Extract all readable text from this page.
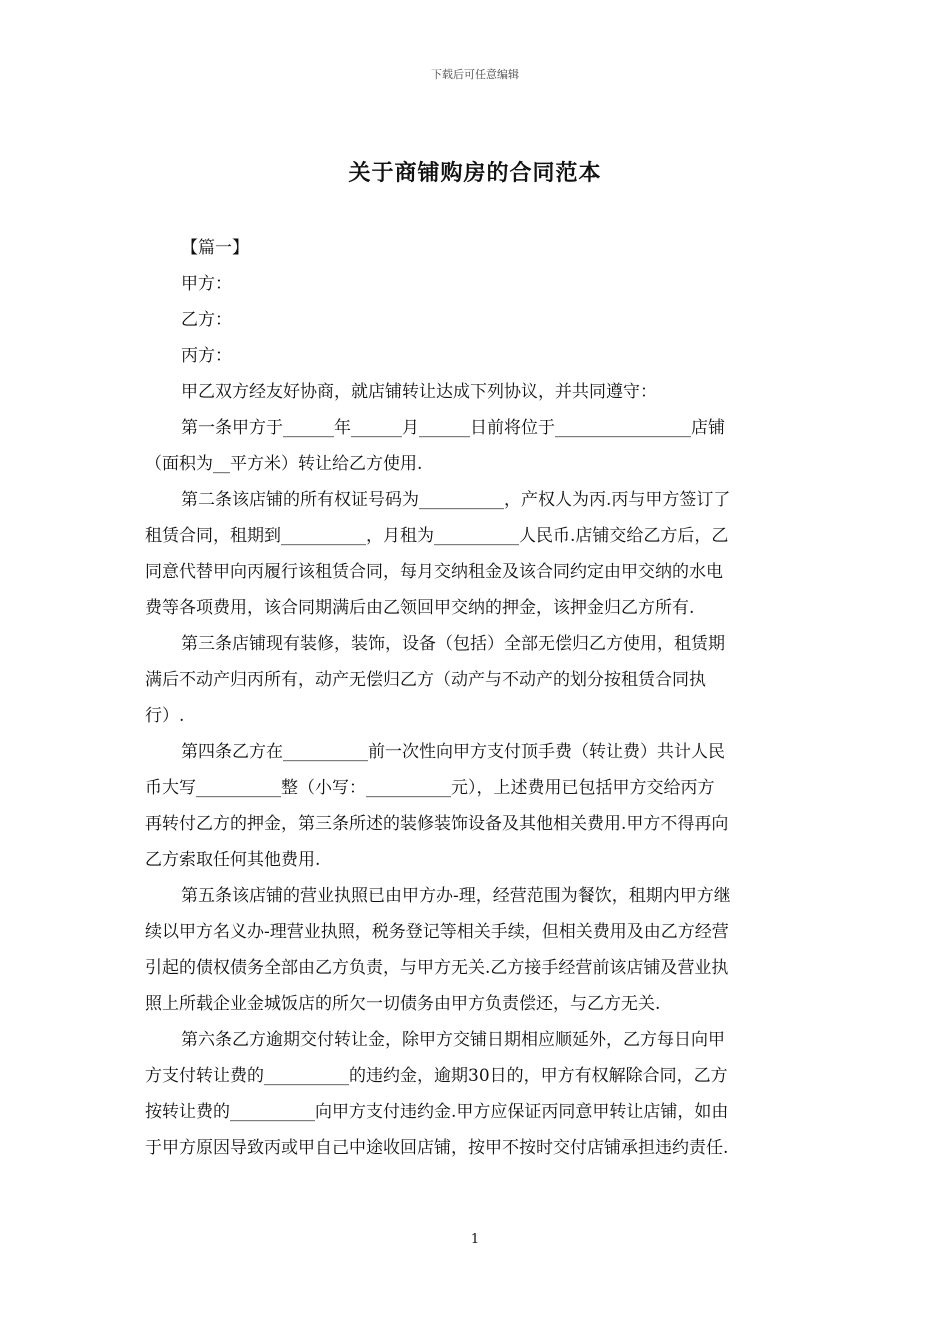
下载后可任意编辑
关于商铺购房的合同范本
【篇一】
甲方：
乙方：
丙方：
甲乙双方经友好协商，就店铺转让达成下列协议，并共同遵守：
第一条甲方于______年______月______日前将位于________________店铺
（面积为__平方米）转让给乙方使用.
第二条该店铺的所有权证号码为__________，产权人为丙.丙与甲方签订了
租赁合同，租期到__________，月租为__________人民币.店铺交给乙方后，乙
同意代替甲向丙履行该租赁合同，每月交纳租金及该合同约定由甲交纳的水电
费等各项费用，该合同期满后由乙领回甲交纳的押金，该押金归乙方所有.
第三条店铺现有装修，装饰，设备（包括）全部无偿归乙方使用，租赁期
满后不动产归丙所有，动产无偿归乙方（动产与不动产的划分按租赁合同执
行）.
第四条乙方在__________前一次性向甲方支付顶手费（转让费）共计人民
币大写__________整（小写：__________元），上述费用已包括甲方交给丙方
再转付乙方的押金，第三条所述的装修装饰设备及其他相关费用.甲方不得再向
乙方索取任何其他费用.
第五条该店铺的营业执照已由甲方办-理，经营范围为餐饮，租期内甲方继
续以甲方名义办-理营业执照，税务登记等相关手续，但相关费用及由乙方经营
引起的债权债务全部由乙方负责，与甲方无关.乙方接手经营前该店铺及营业执
照上所载企业金城饭店的所欠一切债务由甲方负责偿还，与乙方无关.
第六条乙方逾期交付转让金，除甲方交铺日期相应顺延外，乙方每日向甲
方支付转让费的__________的违约金，逾期30日的，甲方有权解除合同，乙方
按转让费的__________向甲方支付违约金.甲方应保证丙同意甲转让店铺，如由
于甲方原因导致丙或甲自己中途收回店铺，按甲不按时交付店铺承担违约责任.
1
